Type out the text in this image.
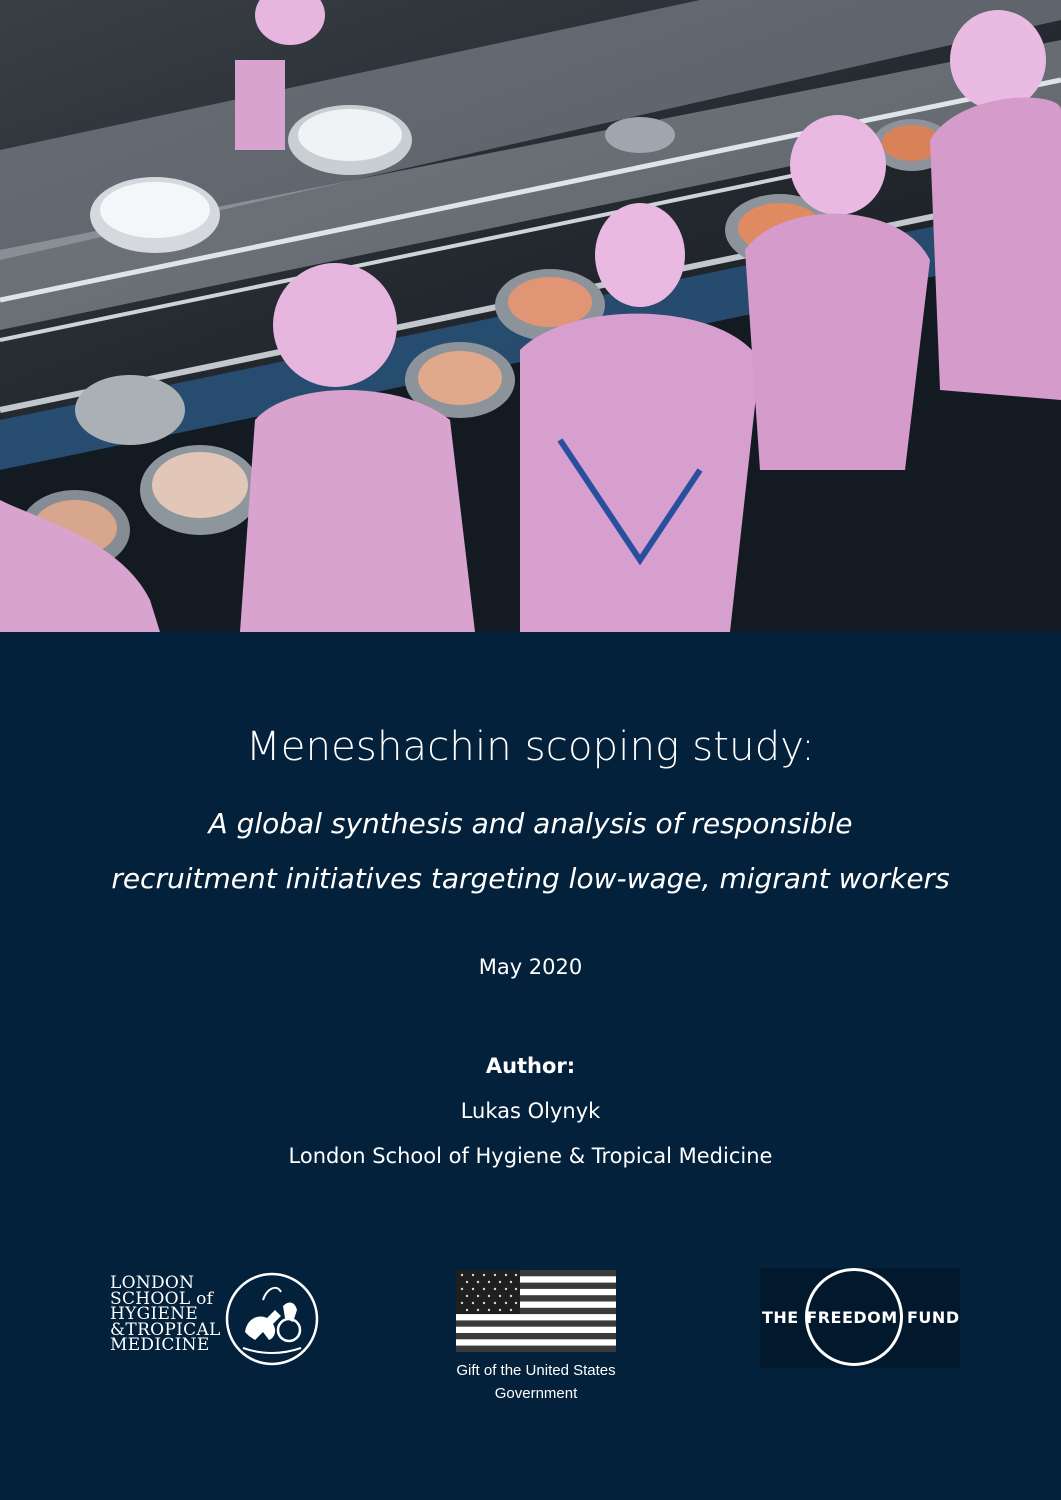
Meneshachin scoping study:

A global synthesis and analysis of responsible
recruitment initiatives targeting low-wage, migrant workers

May 2020
Author:
Lukas Olynyk
London School of Hygiene & Tropical Medicine
LONDON
SCHOOL of
HYGIENE
&TROPICAL
MEDICINE
Gift of the United States
Government
THE FREEDOM FUND
